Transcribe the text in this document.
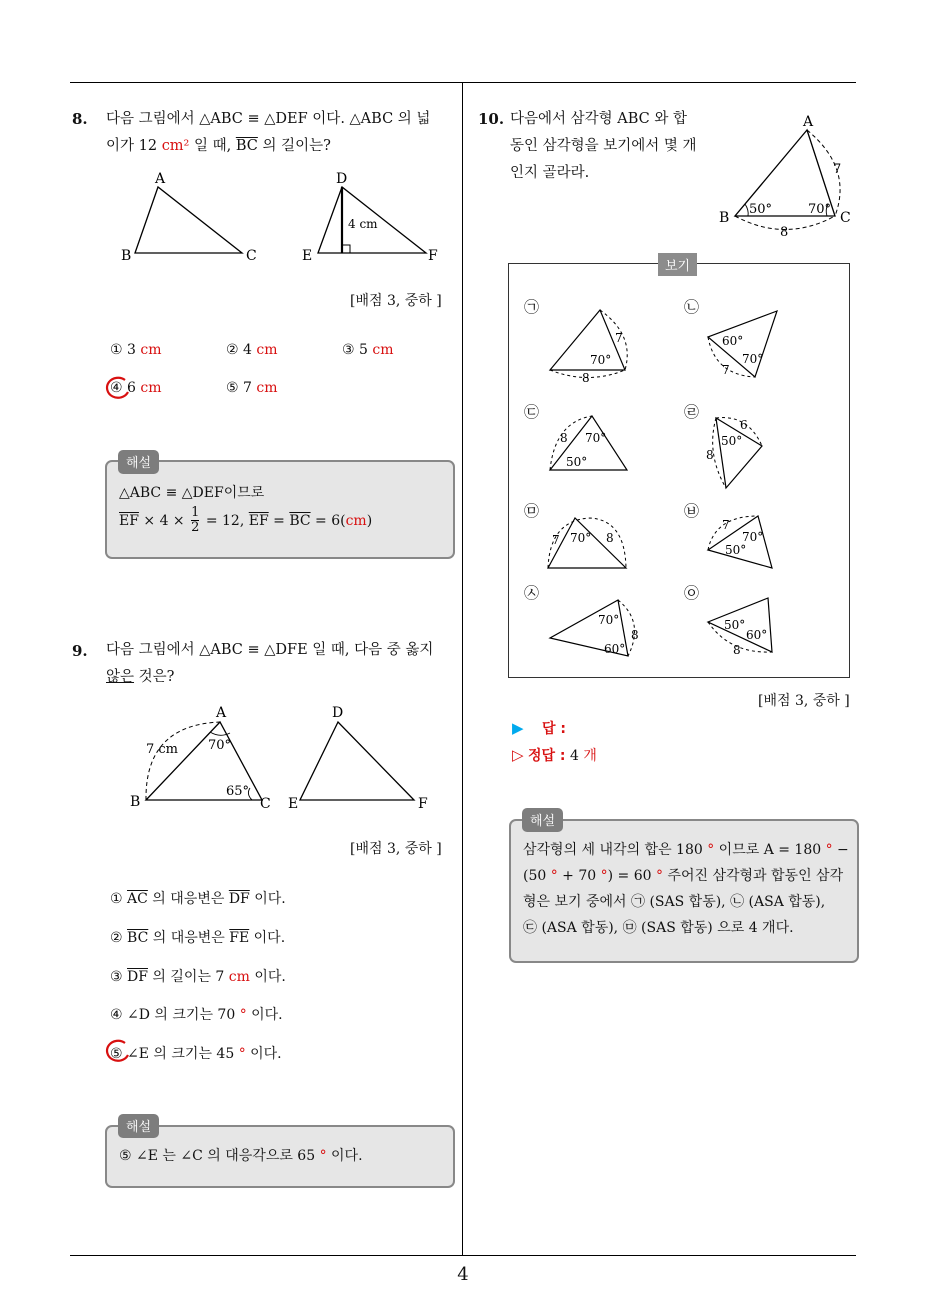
8. 다음 그림에서 △ABC ≡ △DEF 이다. △ABC 의 넓
이가 12 cm² 일 때, $\overline{BC}$ 의 길이는?
A
B	C
D
E	F
4 cm
[배점 3, 중하 ]
① 3 cm	② 4 cm	③ 5 cm
④ 6 cm	⑤ 7 cm
△ABC ≡ △DEF이므로
$\overline{EF} \times 4 \times \frac{1}{2} = 12$, $\overline{EF} = \overline{BC} = 6$( cm )
해설
9. 다음 그림에서 △ABC ≡ △DFE 일 때, 다음 중 옳지
않은 것은?
A
B	C
7 cm 70°
65°
D
E	F
[배점 3, 중하 ]
① $\overline{AC}$ 의 대응변은 $\overline{DF}$ 이다.
② $\overline{BC}$ 의 대응변은 $\overline{FE}$ 이다.
③ $\overline{DF}$ 의 길이는 7 cm 이다.
④ ∠D 의 크기는 70 ° 이다.
⑤ ∠E 의 크기는 45 ° 이다.
⑤ ∠E 는 ∠C 의 대응각으로 65 ° 이다.
해설
10. 다음에서 삼각형 ABC 와 합
동인 삼각형을 보기에서 몇 개
인지 골라라.
A
B	C
50°	70°
7
8
보기
㉠
7
70°
8
㉡
60°
70°
7
㉢
8 70°
50°
㉣
6
50°
8
㉤
7 70° 8
㉥
7
70°
50°
㉦
70°
8
60°
㉧
50°
60°
8
[배점 3, 중하 ]
▶ 답 :
▷ 정답 : 4 개
삼각형의 세 내각의 합은 180 ° 이므로 A = 180 ° −
(50 ° + 70 °) = 60 ° 주어진 삼각형과 합동인 삼각
형은 보기 중에서 ㉠ (SAS 합동), ㉡ (ASA 합동),
㉢ (ASA 합동), ㉤ (SAS 합동) 으로 4 개다.
해설
4
